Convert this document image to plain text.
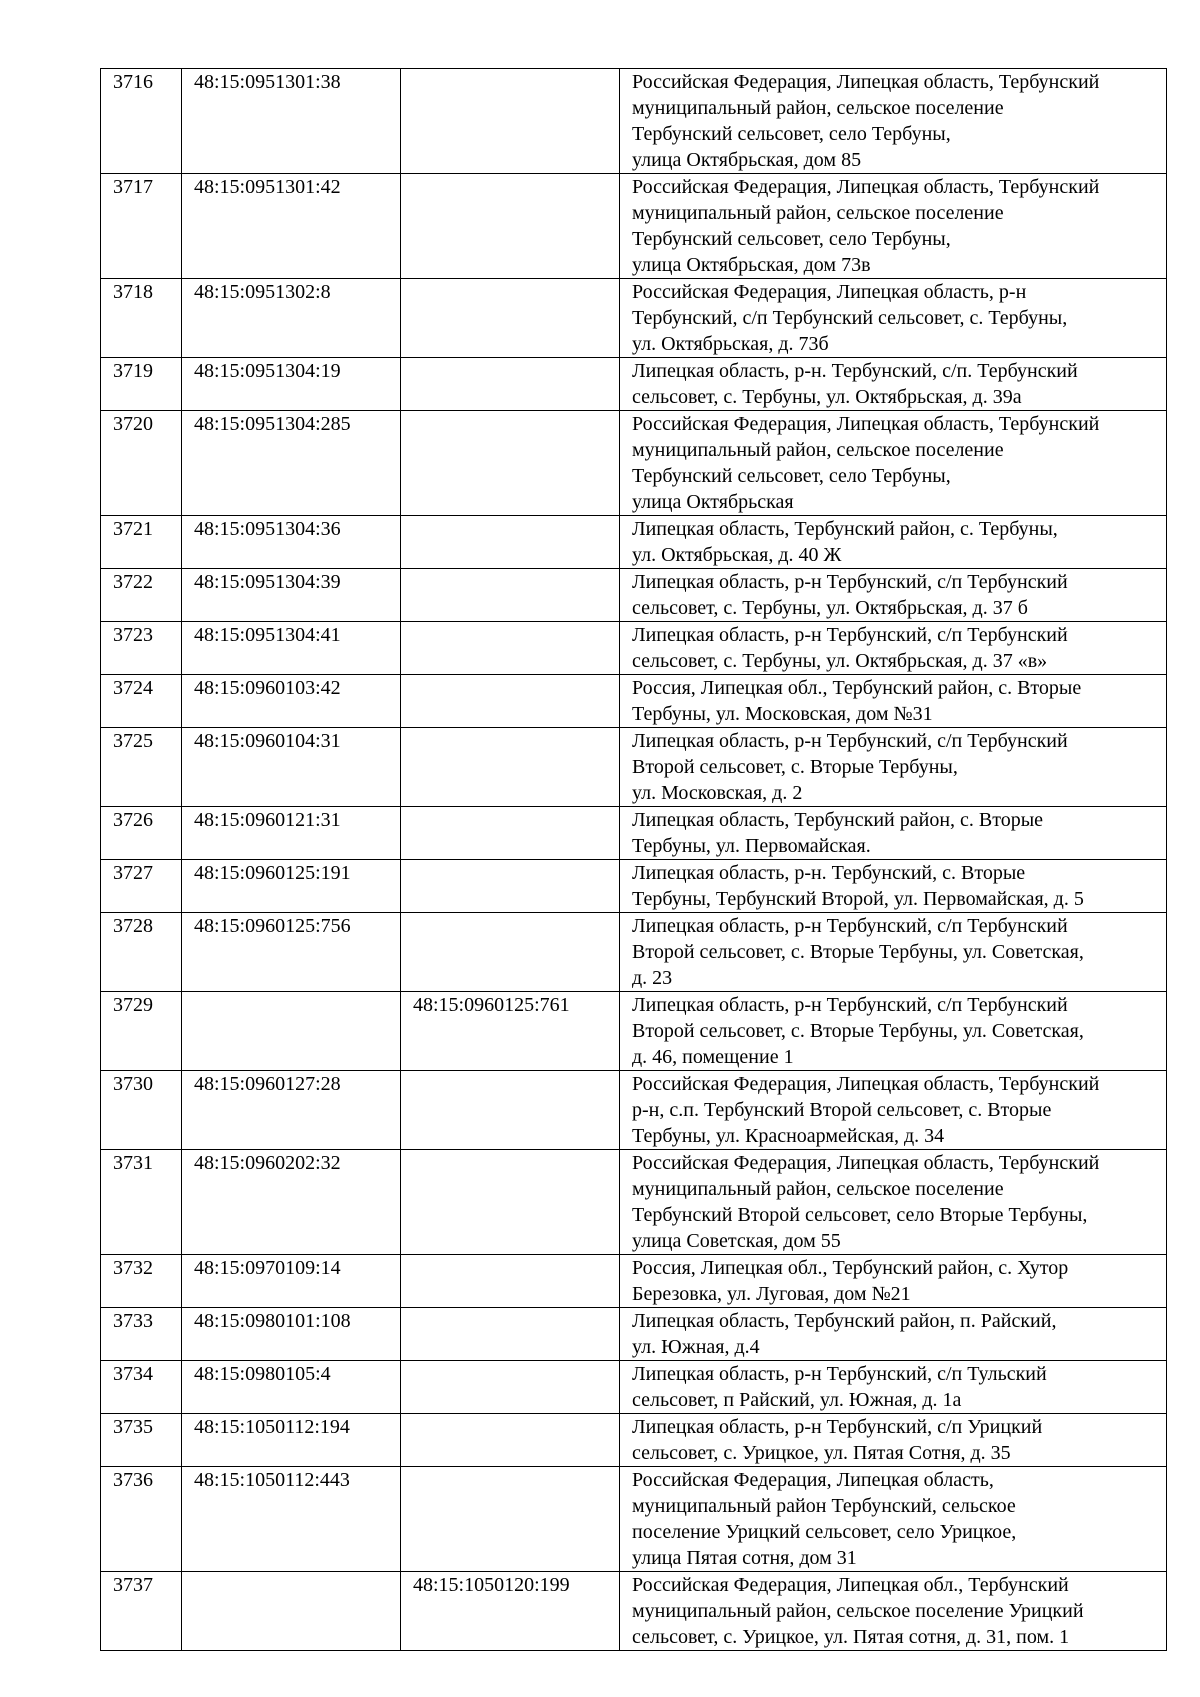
3716	48:15:0951301:38		Российская Федерация, Липецкая область, Тербунский
муниципальный район, сельское поселение
Тербунский сельсовет, село Тербуны,
улица Октябрьская, дом 85
3717	48:15:0951301:42		Российская Федерация, Липецкая область, Тербунский
муниципальный район, сельское поселение
Тербунский сельсовет, село Тербуны,
улица Октябрьская, дом 73в
3718	48:15:0951302:8		Российская Федерация, Липецкая область, р-н
Тербунский, с/п Тербунский сельсовет, с. Тербуны,
ул. Октябрьская, д. 73б
3719	48:15:0951304:19		Липецкая область, р-н. Тербунский, с/п. Тербунский
сельсовет, с. Тербуны, ул. Октябрьская, д. 39а
3720	48:15:0951304:285		Российская Федерация, Липецкая область, Тербунский
муниципальный район, сельское поселение
Тербунский сельсовет, село Тербуны,
улица Октябрьская
3721	48:15:0951304:36		Липецкая область, Тербунский район, с. Тербуны,
ул. Октябрьская, д. 40 Ж
3722	48:15:0951304:39		Липецкая область, р-н Тербунский, с/п Тербунский
сельсовет, с. Тербуны, ул. Октябрьская, д. 37 б
3723	48:15:0951304:41		Липецкая область, р-н Тербунский, с/п Тербунский
сельсовет, с. Тербуны, ул. Октябрьская, д. 37 «в»
3724	48:15:0960103:42		Россия, Липецкая обл., Тербунский район, с. Вторые
Тербуны, ул. Московская, дом №31
3725	48:15:0960104:31		Липецкая область, р-н Тербунский, с/п Тербунский
Второй сельсовет, с. Вторые Тербуны,
ул. Московская, д. 2
3726	48:15:0960121:31		Липецкая область, Тербунский район, с. Вторые
Тербуны, ул. Первомайская.
3727	48:15:0960125:191		Липецкая область, р-н. Тербунский, с. Вторые
Тербуны, Тербунский Второй, ул. Первомайская, д. 5
3728	48:15:0960125:756		Липецкая область, р-н Тербунский, с/п Тербунский
Второй сельсовет, с. Вторые Тербуны, ул. Советская,
д. 23
3729		48:15:0960125:761	Липецкая область, р-н Тербунский, с/п Тербунский
Второй сельсовет, с. Вторые Тербуны, ул. Советская,
д. 46, помещение 1
3730	48:15:0960127:28		Российская Федерация, Липецкая область, Тербунский
р-н, с.п. Тербунский Второй сельсовет, с. Вторые
Тербуны, ул. Красноармейская, д. 34
3731	48:15:0960202:32		Российская Федерация, Липецкая область, Тербунский
муниципальный район, сельское поселение
Тербунский Второй сельсовет, село Вторые Тербуны,
улица Советская, дом 55
3732	48:15:0970109:14		Россия, Липецкая обл., Тербунский район, с. Хутор
Березовка, ул. Луговая, дом №21
3733	48:15:0980101:108		Липецкая область, Тербунский район, п. Райский,
ул. Южная, д.4
3734	48:15:0980105:4		Липецкая область, р-н Тербунский, с/п Тульский
сельсовет, п Райский, ул. Южная, д. 1а
3735	48:15:1050112:194		Липецкая область, р-н Тербунский, с/п Урицкий
сельсовет, с. Урицкое, ул. Пятая Сотня, д. 35
3736	48:15:1050112:443		Российская Федерация, Липецкая область,
муниципальный район Тербунский, сельское
поселение Урицкий сельсовет, село Урицкое,
улица Пятая сотня, дом 31
3737		48:15:1050120:199	Российская Федерация, Липецкая обл., Тербунский
муниципальный район, сельское поселение Урицкий
сельсовет, с. Урицкое, ул. Пятая сотня, д. 31, пом. 1
